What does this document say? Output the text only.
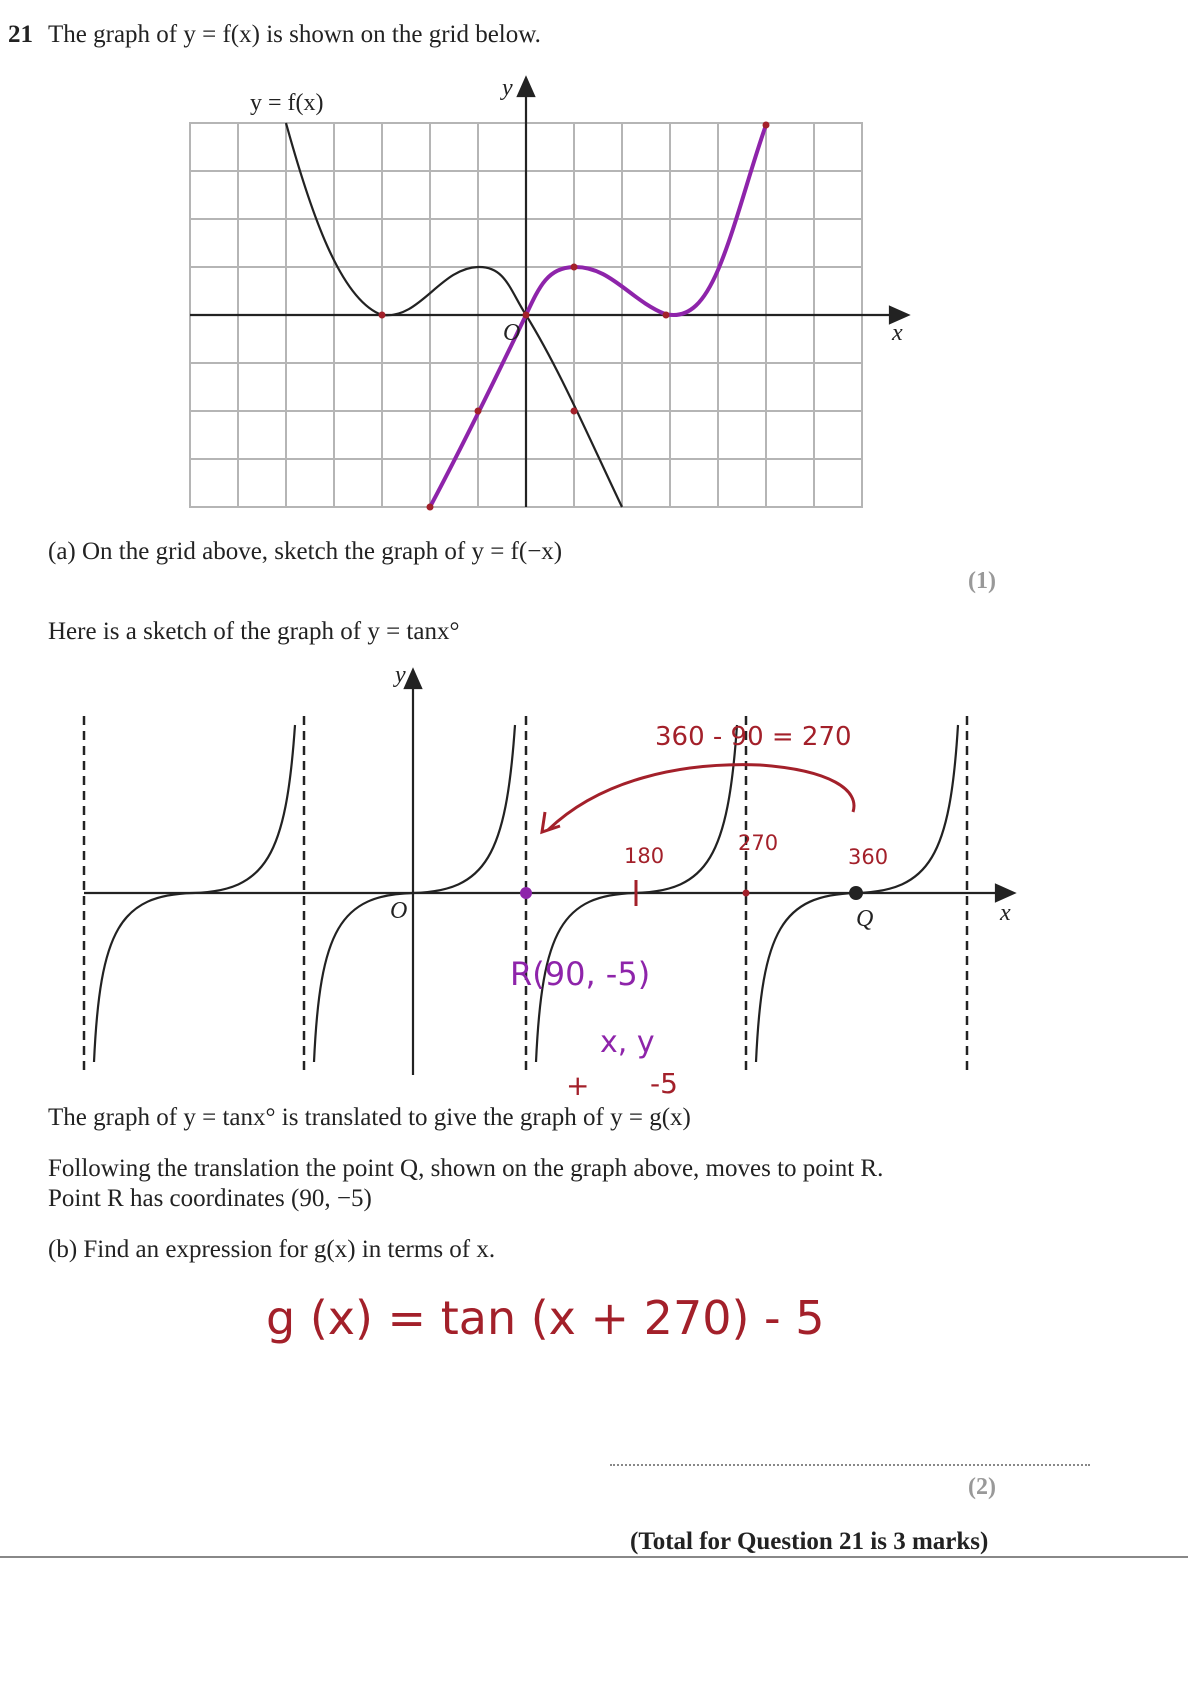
21 The graph of y = f(x) is shown on the grid below.
y = f(x)
y
x
O
(a) On the grid above, sketch the graph of y = f(−x)
(1)
Here is a sketch of the graph of y = tanx°
y
x
O	Q
360 - 90 = 270
180
270
360
R(90, -5)
x, y
+ -5
The graph of y = tanx° is translated to give the graph of y = g(x)
Following the translation the point Q, shown on the graph above, moves to point R.
Point R has coordinates (90, −5)
(b) Find an expression for g(x) in terms of x.
g (x) = tan (x + 270) - 5
(2)
(Total for Question 21 is 3 marks)
